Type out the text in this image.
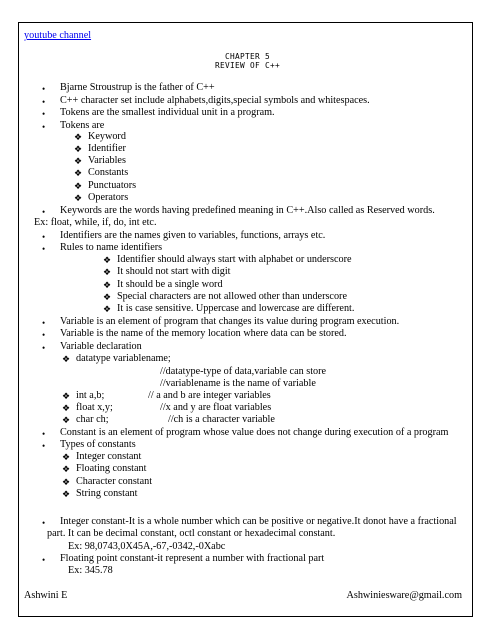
youtube channel
CHAPTER 5
REVIEW OF C++
• Bjarne Stroustrup is the father of C++
• C++ character set include alphabets,digits,special symbols and whitespaces.
• Tokens are the smallest individual unit in a program.
• Tokens are
❖ Keyword
❖ Identifier
❖ Variables
❖ Constants
❖ Punctuators
❖ Operators
• Keywords are the words having predefined meaning in C++.Also called as Reserved words.
Ex: float, while, if, do, int etc.
• Identifiers are the names given to variables, functions, arrays etc.
• Rules to name identifiers
❖ Identifier should always start with alphabet or underscore
❖ It should not start with digit
❖ It should be a single word
❖ Special characters are not allowed other than underscore
❖ It is case sensitive. Uppercase and lowercase are different.
• Variable is an element of program that changes its value during program execution.
• Variable is the name of the memory location where data can be stored.
• Variable declaration
❖ datatype variablename;
//datatype-type of data,variable can store
//variablename is the name of variable
❖ int a,b;	// a and b are integer variables
❖ float x,y;	//x and y are float variables
❖ char ch;	//ch is a character variable
• Constant is an element of program whose value does not change during execution of a program
• Types of constants
❖ Integer constant
❖ Floating constant
❖ Character constant
❖ String constant
• Integer constant-It is a whole number which can be positive or negative.It donot have a fractional
part. It can be decimal constant, octl constant or hexadecimal constant.
Ex: 98,0743,0X45A,-67,-0342,-0Xabc
• Floating point constant-it represent a number with fractional part
Ex: 345.78
Ashwini E	Ashwiniesware@gmail.com
